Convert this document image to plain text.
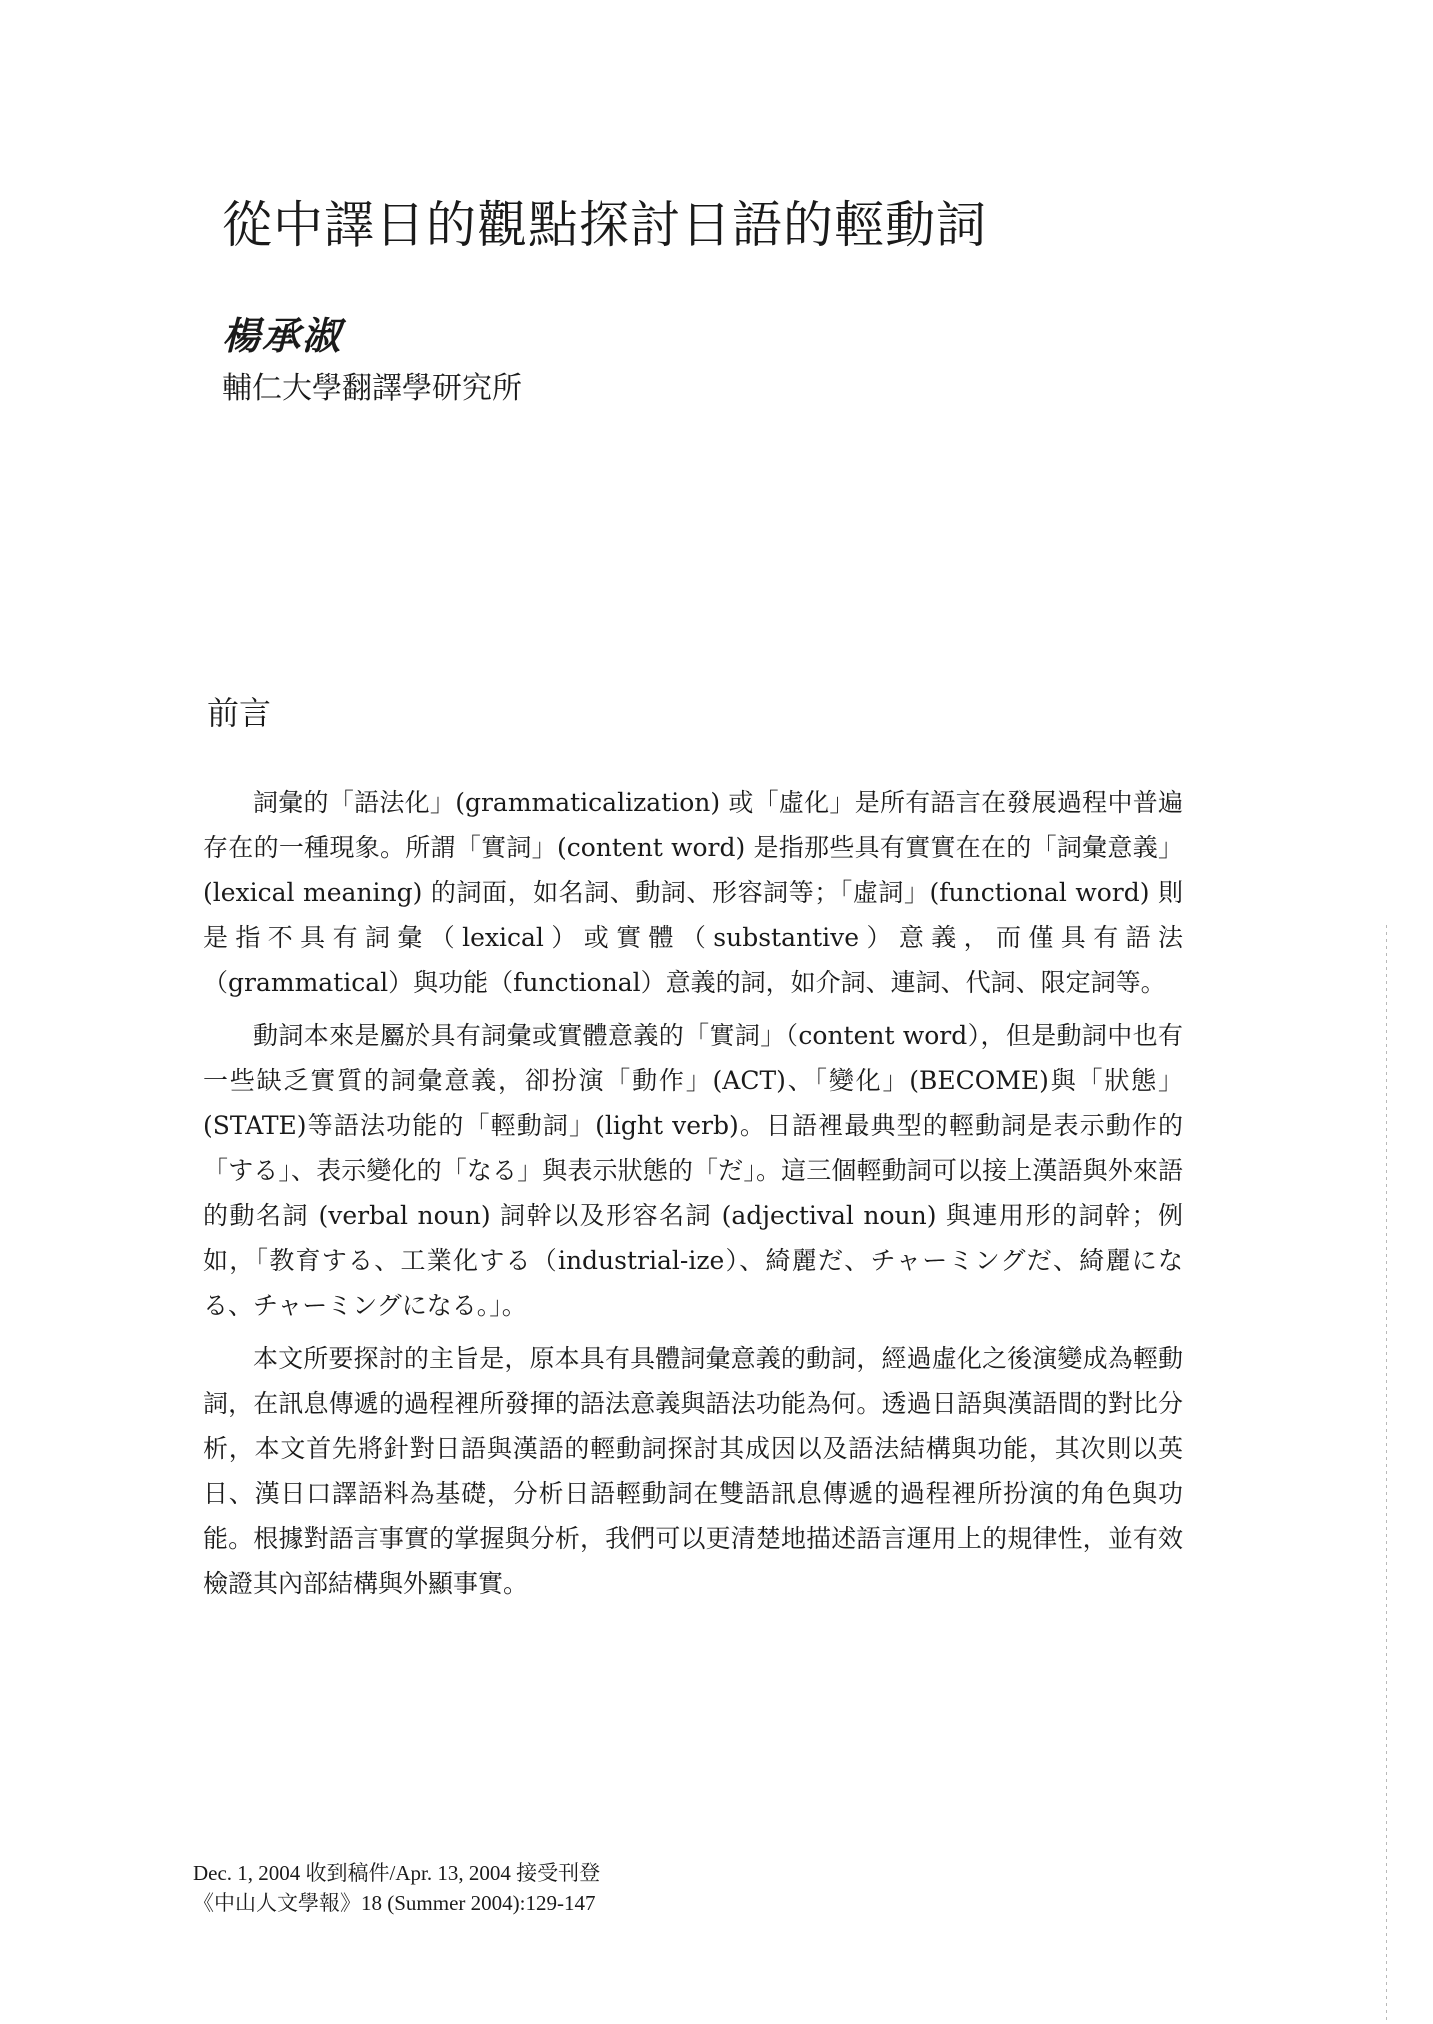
從中譯日的觀點探討日語的輕動詞
楊承淑
輔仁大學翻譯學研究所
前言

詞彙的「語法化」(grammaticalization) 或「虛化」是所有語言在發展過程中普遍存在的一種現象。所謂「實詞」(content word) 是指那些具有實實在在的「詞彙意義」(lexical meaning) 的詞面，如名詞、動詞、形容詞等；「虛詞」(functional word) 則是指不具有詞彙（lexical）或實體（substantive）意義，而僅具有語法（grammatical）與功能（functional）意義的詞，如介詞、連詞、代詞、限定詞等。

動詞本來是屬於具有詞彙或實體意義的「實詞」（content word），但是動詞中也有一些缺乏實質的詞彙意義，卻扮演「動作」(ACT)、「變化」(BECOME)與「狀態」(STATE)等語法功能的「輕動詞」(light verb)。日語裡最典型的輕動詞是表示動作的「する」、表示變化的「なる」與表示狀態的「だ」。這三個輕動詞可以接上漢語與外來語的動名詞 (verbal noun) 詞幹以及形容名詞 (adjectival noun) 與連用形的詞幹；例如，「教育する、工業化する（industrial-ize）、綺麗だ、チャーミングだ、綺麗になる、チャーミングになる。」。

本文所要探討的主旨是，原本具有具體詞彙意義的動詞，經過虛化之後演變成為輕動詞，在訊息傳遞的過程裡所發揮的語法意義與語法功能為何。透過日語與漢語間的對比分析，本文首先將針對日語與漢語的輕動詞探討其成因以及語法結構與功能，其次則以英日、漢日口譯語料為基礎，分析日語輕動詞在雙語訊息傳遞的過程裡所扮演的角色與功能。根據對語言事實的掌握與分析，我們可以更清楚地描述語言運用上的規律性，並有效檢證其內部結構與外顯事實。

Dec. 1, 2004 收到稿件/Apr. 13, 2004 接受刊登
《中山人文學報》18 (Summer 2004):129-147
